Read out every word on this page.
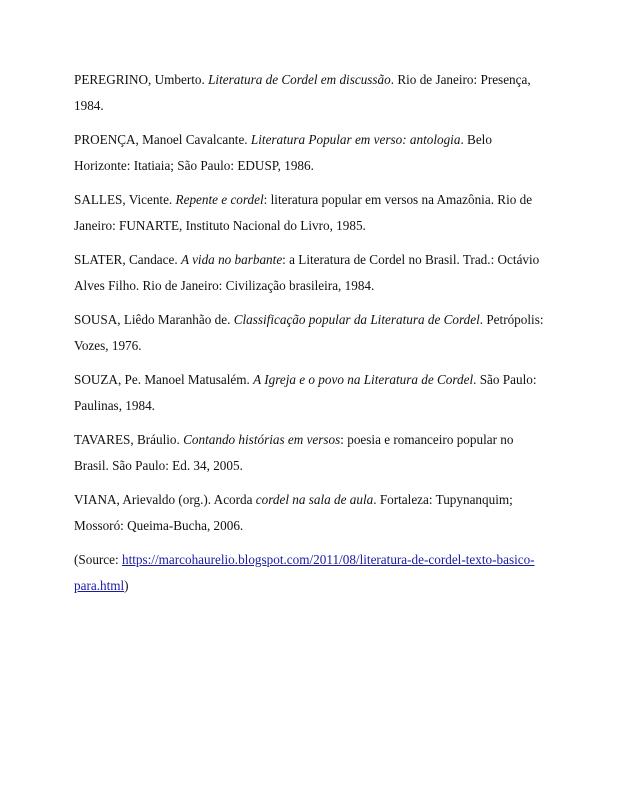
PEREGRINO, Umberto. Literatura de Cordel em discussão. Rio de Janeiro: Presença,
1984.

PROENÇA, Manoel Cavalcante. Literatura Popular em verso: antologia. Belo
Horizonte: Itatiaia; São Paulo: EDUSP, 1986.

SALLES, Vicente. Repente e cordel: literatura popular em versos na Amazônia. Rio de
Janeiro: FUNARTE, Instituto Nacional do Livro, 1985.

SLATER, Candace. A vida no barbante: a Literatura de Cordel no Brasil. Trad.: Octávio
Alves Filho. Rio de Janeiro: Civilização brasileira, 1984.

SOUSA, Liêdo Maranhão de. Classificação popular da Literatura de Cordel. Petrópolis:
Vozes, 1976.

SOUZA, Pe. Manoel Matusalém. A Igreja e o povo na Literatura de Cordel. São Paulo:
Paulinas, 1984.

TAVARES, Bráulio. Contando histórias em versos: poesia e romanceiro popular no
Brasil. São Paulo: Ed. 34, 2005.

VIANA, Arievaldo (org.). Acorda cordel na sala de aula. Fortaleza: Tupynanquim;
Mossoró: Queima-Bucha, 2006.

(Source: https://marcohaurelio.blogspot.com/2011/08/literatura-de-cordel-texto-basico-
para.html)
